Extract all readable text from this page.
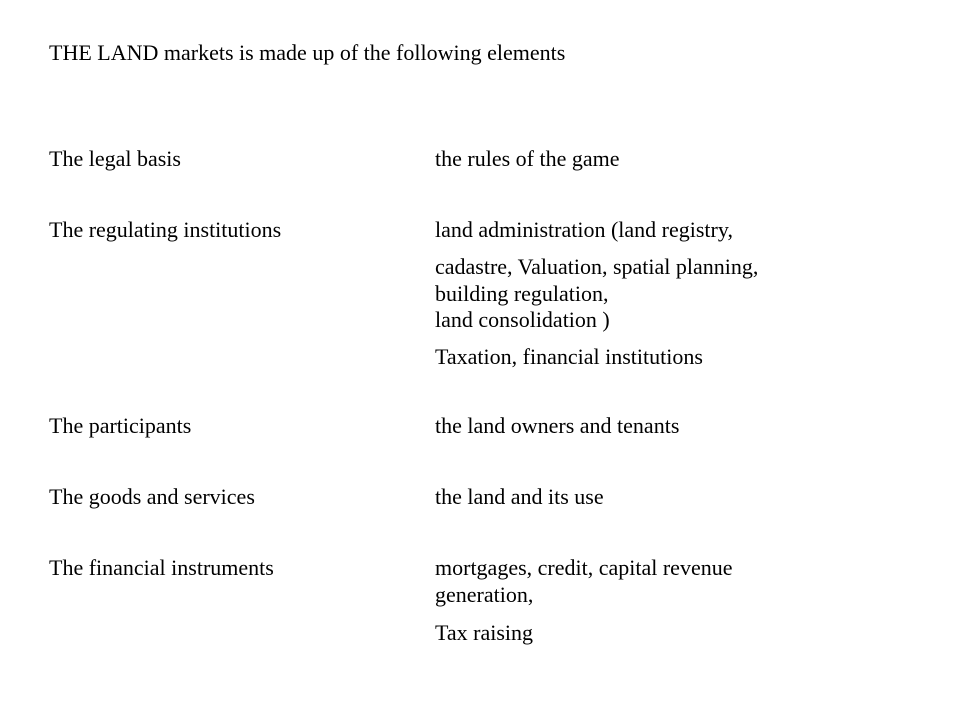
THE LAND markets is made up of the following elements
The legal basis	the rules of the game
The regulating institutions	land administration (land registry,
cadastre, Valuation, spatial planning,
building regulation,
land consolidation )
Taxation, financial institutions
The participants	the land owners and tenants
The goods and services	the land and its use
The financial instruments	mortgages, credit, capital revenue
generation,
Tax raising
